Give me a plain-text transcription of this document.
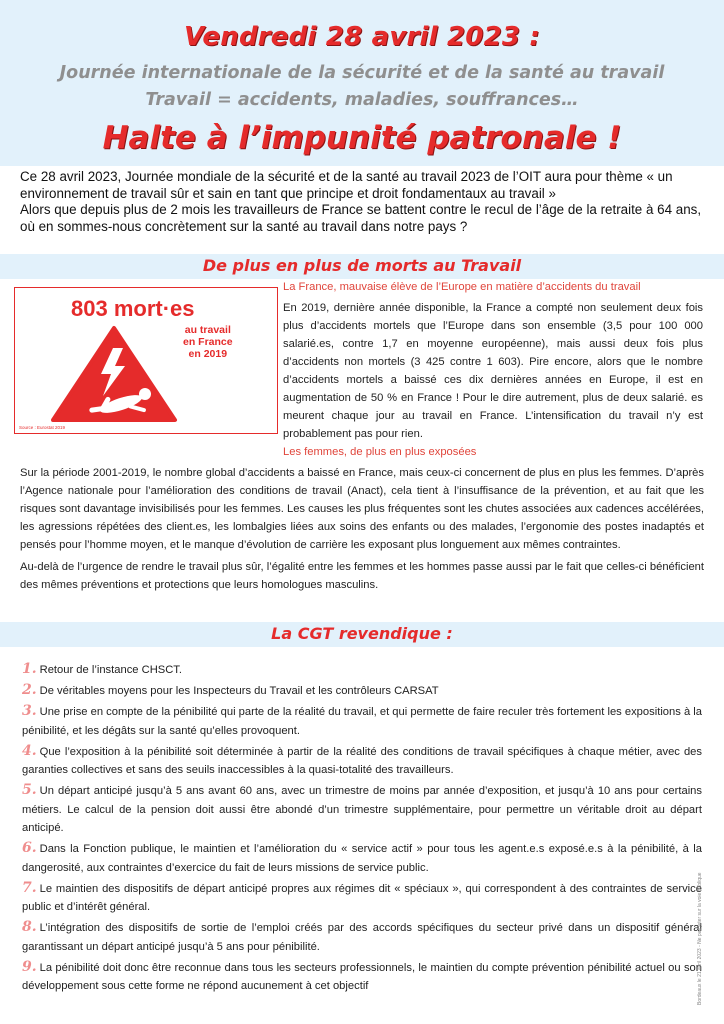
Vendredi 28 avril 2023 :
Journée internationale de la sécurité et de la santé au travail
Travail = accidents, maladies, souffrances…
Halte à l’impunité patronale !

Ce 28 avril 2023, Journée mondiale de la sécurité et de la santé au travail 2023 de l’OIT aura pour thème « un environnement de travail sûr et sain en tant que principe et droit fondamentaux au travail »

Alors que depuis plus de 2 mois les travailleurs de France se battent contre le recul de l’âge de la retraite à 64 ans, où en sommes-nous concrètement sur la santé au travail dans notre pays ?

De plus en plus de morts au Travail
803 mort·es
au travail
en France
en 2019
Source : Eurostat 2019
La France, mauvaise élève de l’Europe en matière d’accidents du travail

En 2019, dernière année disponible, la France a compté non seulement deux fois plus d’accidents mortels que l’Europe dans son ensemble (3,5 pour 100 000 salarié.es, contre 1,7 en moyenne européenne), mais aussi deux fois plus d’accidents non mortels (3 425 contre 1 603). Pire encore, alors que le nombre d’accidents mortels a baissé ces dix dernières années en Europe, il est en augmentation de 50 % en France ! Pour le dire autrement, plus de deux salarié. es meurent chaque jour au travail en France. L’intensification du travail n’y est probablement pas pour rien.

Les femmes, de plus en plus exposées

Sur la période 2001-2019, le nombre global d’accidents a baissé en France, mais ceux-ci concernent de plus en plus les femmes. D’après l’Agence nationale pour l’amélioration des conditions de travail (Anact), cela tient à l’insuffisance de la prévention, et au fait que les risques sont davantage invisibilisés pour les femmes. Les causes les plus fréquentes sont les chutes associées aux cadences accélérées, les agressions répétées des client.es, les lombalgies liées aux soins des enfants ou des malades, l’ergonomie des postes inadaptés et pensés pour l’homme moyen, et le manque d’évolution de carrière les exposant plus longuement aux mêmes contraintes.

Au-delà de l’urgence de rendre le travail plus sûr, l’égalité entre les femmes et les hommes passe aussi par le fait que celles-ci bénéficient des mêmes préventions et protections que leurs homologues masculins.

La CGT revendique :

1. Retour de l’instance CHSCT.

2. De véritables moyens pour les Inspecteurs du Travail et les contrôleurs CARSAT

3. Une prise en compte de la pénibilité qui parte de la réalité du travail, et qui permette de faire reculer très fortement les expositions à la pénibilité, et les dégâts sur la santé qu’elles provoquent.

4. Que l’exposition à la pénibilité soit déterminée à partir de la réalité des conditions de travail spécifiques à chaque métier, avec des garanties collectives et sans des seuils inaccessibles à la quasi-totalité des travailleurs.

5. Un départ anticipé jusqu’à 5 ans avant 60 ans, avec un trimestre de moins par année d’exposition, et jusqu’à 10 ans pour certains métiers. Le calcul de la pension doit aussi être abondé d’un trimestre supplémentaire, pour permettre un véritable droit au départ anticipé.

6. Dans la Fonction publique, le maintien et l’amélioration du « service actif » pour tous les agent.e.s exposé.e.s à la pénibilité, à la dangerosité, aux contraintes d’exercice du fait de leurs missions de service public.

7. Le maintien des dispositifs de départ anticipé propres aux régimes dit « spéciaux », qui correspondent à des contraintes de service public et d’intérêt général.

8. L’intégration des dispositifs de sortie de l’emploi créés par des accords spécifiques du secteur privé dans un dispositif général garantissant un départ anticipé jusqu’à 5 ans pour pénibilité.

9. La pénibilité doit donc être reconnue dans tous les secteurs professionnels, le maintien du compte prévention pénibilité actuel ou son développement sous cette forme ne répond aucunement à cet objectif	Bordeaux le 21 avril 2023 - Ne pas jeter sur la voie publique
